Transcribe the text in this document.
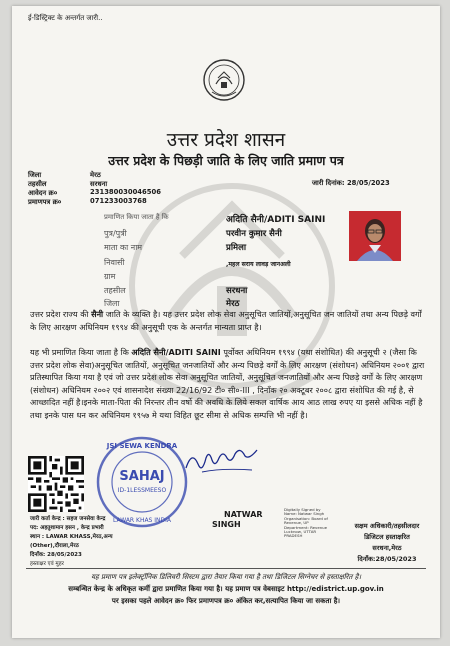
ई-डिस्ट्रिक्ट के अन्तर्गत जारी..
उत्तर प्रदेश शासन
उत्तर प्रदेश के पिछड़ी जाति के लिए जाति प्रमाण पत्र
जिला	मेरठ
तहसील	सरधना
आवेदन क्र०	231380030046506
प्रमाणपत्र क्र०	071233003768
जारी दिनांक: 28/05/2023
प्रमाणित किया जाता है कि	अदिति सैनी/ADITI SAINI
पुत्र/पुत्री	परवीन कुमार सैनी
माता का नाम	प्रमिला
निवासी	,महल सराय लावड़ जानअली
ग्राम
तहसील	सरधना
जिला	मेरठ
उत्तर प्रदेश राज्य की सैनी जाति के व्यक्ति है। यह उत्तर प्रदेश लोक सेवा अनुसूचित जातियों,अनुसूचित जन जातियों तथा अन्य पिछड़े वर्गों के लिए आरक्षण अधिनियम १९९४ की अनुसूची एक के अन्तर्गत मान्यता प्राप्त है।
यह भी प्रमाणित किया जाता है कि अदिति सैनी/ADITI SAINI पूर्वोक्त अधिनियम १९९४ (यथा संशोधित) की अनुसूची २ (जैसा कि उत्तर प्रदेश लोक सेवा)अनुसूचित जातियों, अनुसूचित जनजातियों और अन्य पिछड़े वर्गों के लिए आरक्षण (संशोधन) अधिनियम २००१ द्वारा प्रतिस्थापित किया गया है एवं जो उत्तर प्रदेश लोक सेवा अनुसूचित जातियों, अनुसूचित जनजातियों और अन्य पिछड़े वर्गों के लिए आरक्षण (संशोधन) अधिनियम २००२ एवं शासनादेश संख्या 22/16/92 टी० सी०-III , दिनाँक २० अक्टूबर २००८ द्वारा संशोधित की गई है, से आच्छादित नहीं है।इनके माता-पिता की निरन्तर तीन वर्षो की अवधि के लिये सकल वार्षिक आय आठ लाख रुपए या इससे अधिक नहीं है तथा इनके पास धन कर अधिनियम १९५७ मे यथा विहित छूट सीमा से अधिक सम्पत्ति भी नहीं है।
JSI SEWA KENDRA
SAHAJ
ID-1LESSMEESO
LAWAR KHAS INDIA
NATWAR
SINGH
Digitally Signed by
Name: Natwar Singh
Organisation: Board of
Revenue, UP
Department: Revenue
Lucknow, UTTAR
PRADESH
जारी कर्ता केन्द्र : सहज जनसेवा केन्द्र
पद: अहतुशामान हसन , केन्द्र प्रभारी
स्थान : LAWAR KHASS,मेरठ,अन्य
(Other),दौराला,मेरठ
दिनाँक: 28/05/2023
हस्ताक्षर एवं मुहर
सक्षम अधिकारी/तहसीलदार
डिजिटल हस्ताक्षरित
सरधना,मेरठ
दिनाँक:28/05/2023
यह प्रमाण पत्र इलेक्ट्रॉनिक डिलिवरी सिस्टम द्वारा तैयार किया गया है तथा डिजिटल सिग्नेचर से हस्ताक्षरित है।
सम्बन्धित केन्द्र के अधिकृत कर्मी द्वारा प्रमाणित किया गया है। यह प्रमाण पत्र वेबसाइट http://edistrict.up.gov.in
पर इसका पहले आवेदन क्र० फिर प्रमाणपत्र क्र० अंकित कर,सत्यापित किया जा सकता है।
